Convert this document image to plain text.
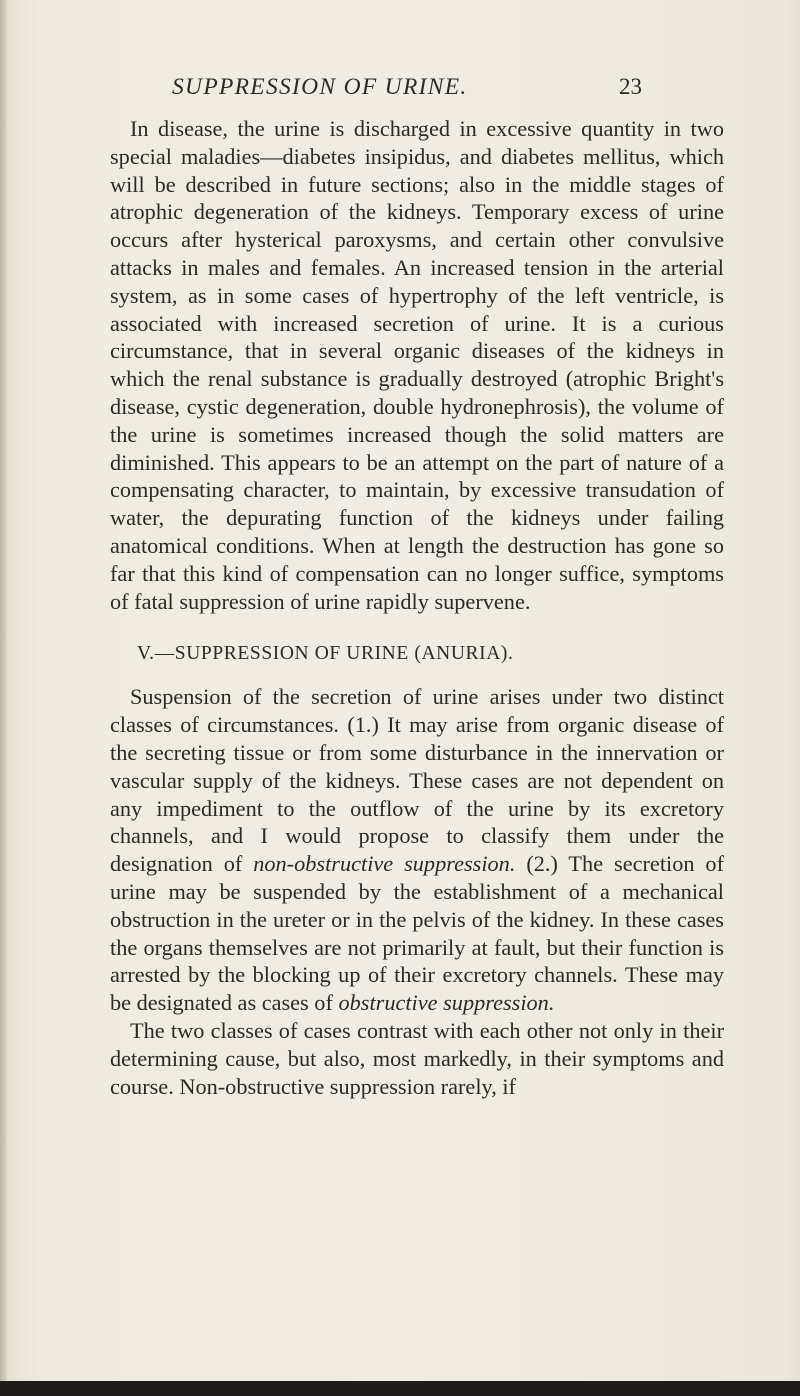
SUPPRESSION OF URINE.	23

In disease, the urine is discharged in excessive quantity in two special maladies—diabetes insipidus, and diabetes mellitus, which will be described in future sections; also in the middle stages of atrophic degeneration of the kidneys. Temporary excess of urine occurs after hysterical paroxysms, and certain other convulsive attacks in males and females. An increased tension in the arterial system, as in some cases of hypertrophy of the left ventricle, is associated with increased secretion of urine. It is a curious circumstance, that in several organic diseases of the kidneys in which the renal substance is gradually destroyed (atrophic Bright's disease, cystic degeneration, double hydronephrosis), the volume of the urine is sometimes increased though the solid matters are diminished. This appears to be an attempt on the part of nature of a compensating character, to maintain, by excessive transudation of water, the depurating function of the kidneys under failing anatomical conditions. When at length the destruction has gone so far that this kind of compensation can no longer suffice, symptoms of fatal suppression of urine rapidly supervene.

V.—SUPPRESSION OF URINE (ANURIA).

Suspension of the secretion of urine arises under two distinct classes of circumstances. (1.) It may arise from organic disease of the secreting tissue or from some disturbance in the innervation or vascular supply of the kidneys. These cases are not dependent on any impediment to the outflow of the urine by its excretory channels, and I would propose to classify them under the designation of non-obstructive suppression. (2.) The secretion of urine may be suspended by the establishment of a mechanical obstruction in the ureter or in the pelvis of the kidney. In these cases the organs themselves are not primarily at fault, but their function is arrested by the blocking up of their excretory channels. These may be designated as cases of obstructive suppression.

The two classes of cases contrast with each other not only in their determining cause, but also, most markedly, in their symptoms and course. Non-obstructive suppression rarely, if
